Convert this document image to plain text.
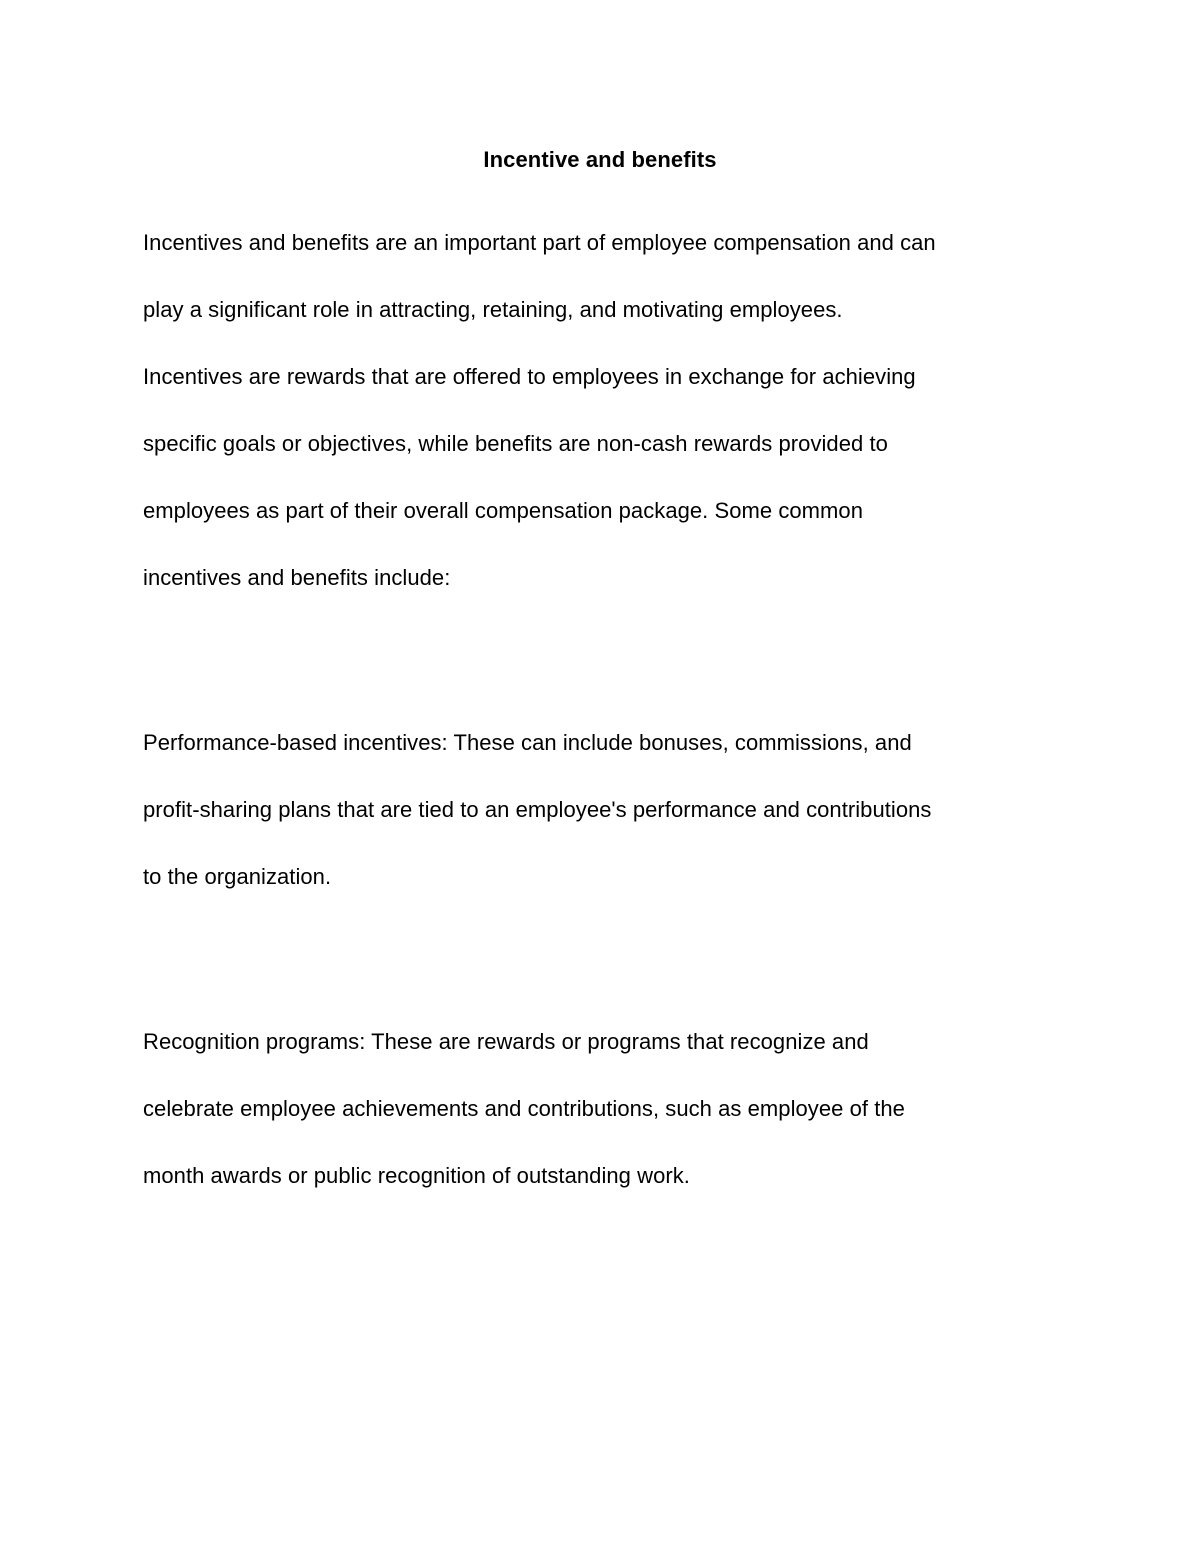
Incentive and benefits
Incentives and benefits are an important part of employee compensation and can
play a significant role in attracting, retaining, and motivating employees.
Incentives are rewards that are offered to employees in exchange for achieving
specific goals or objectives, while benefits are non-cash rewards provided to
employees as part of their overall compensation package. Some common
incentives and benefits include:
Performance-based incentives: These can include bonuses, commissions, and
profit-sharing plans that are tied to an employee's performance and contributions
to the organization.
Recognition programs: These are rewards or programs that recognize and
celebrate employee achievements and contributions, such as employee of the
month awards or public recognition of outstanding work.
